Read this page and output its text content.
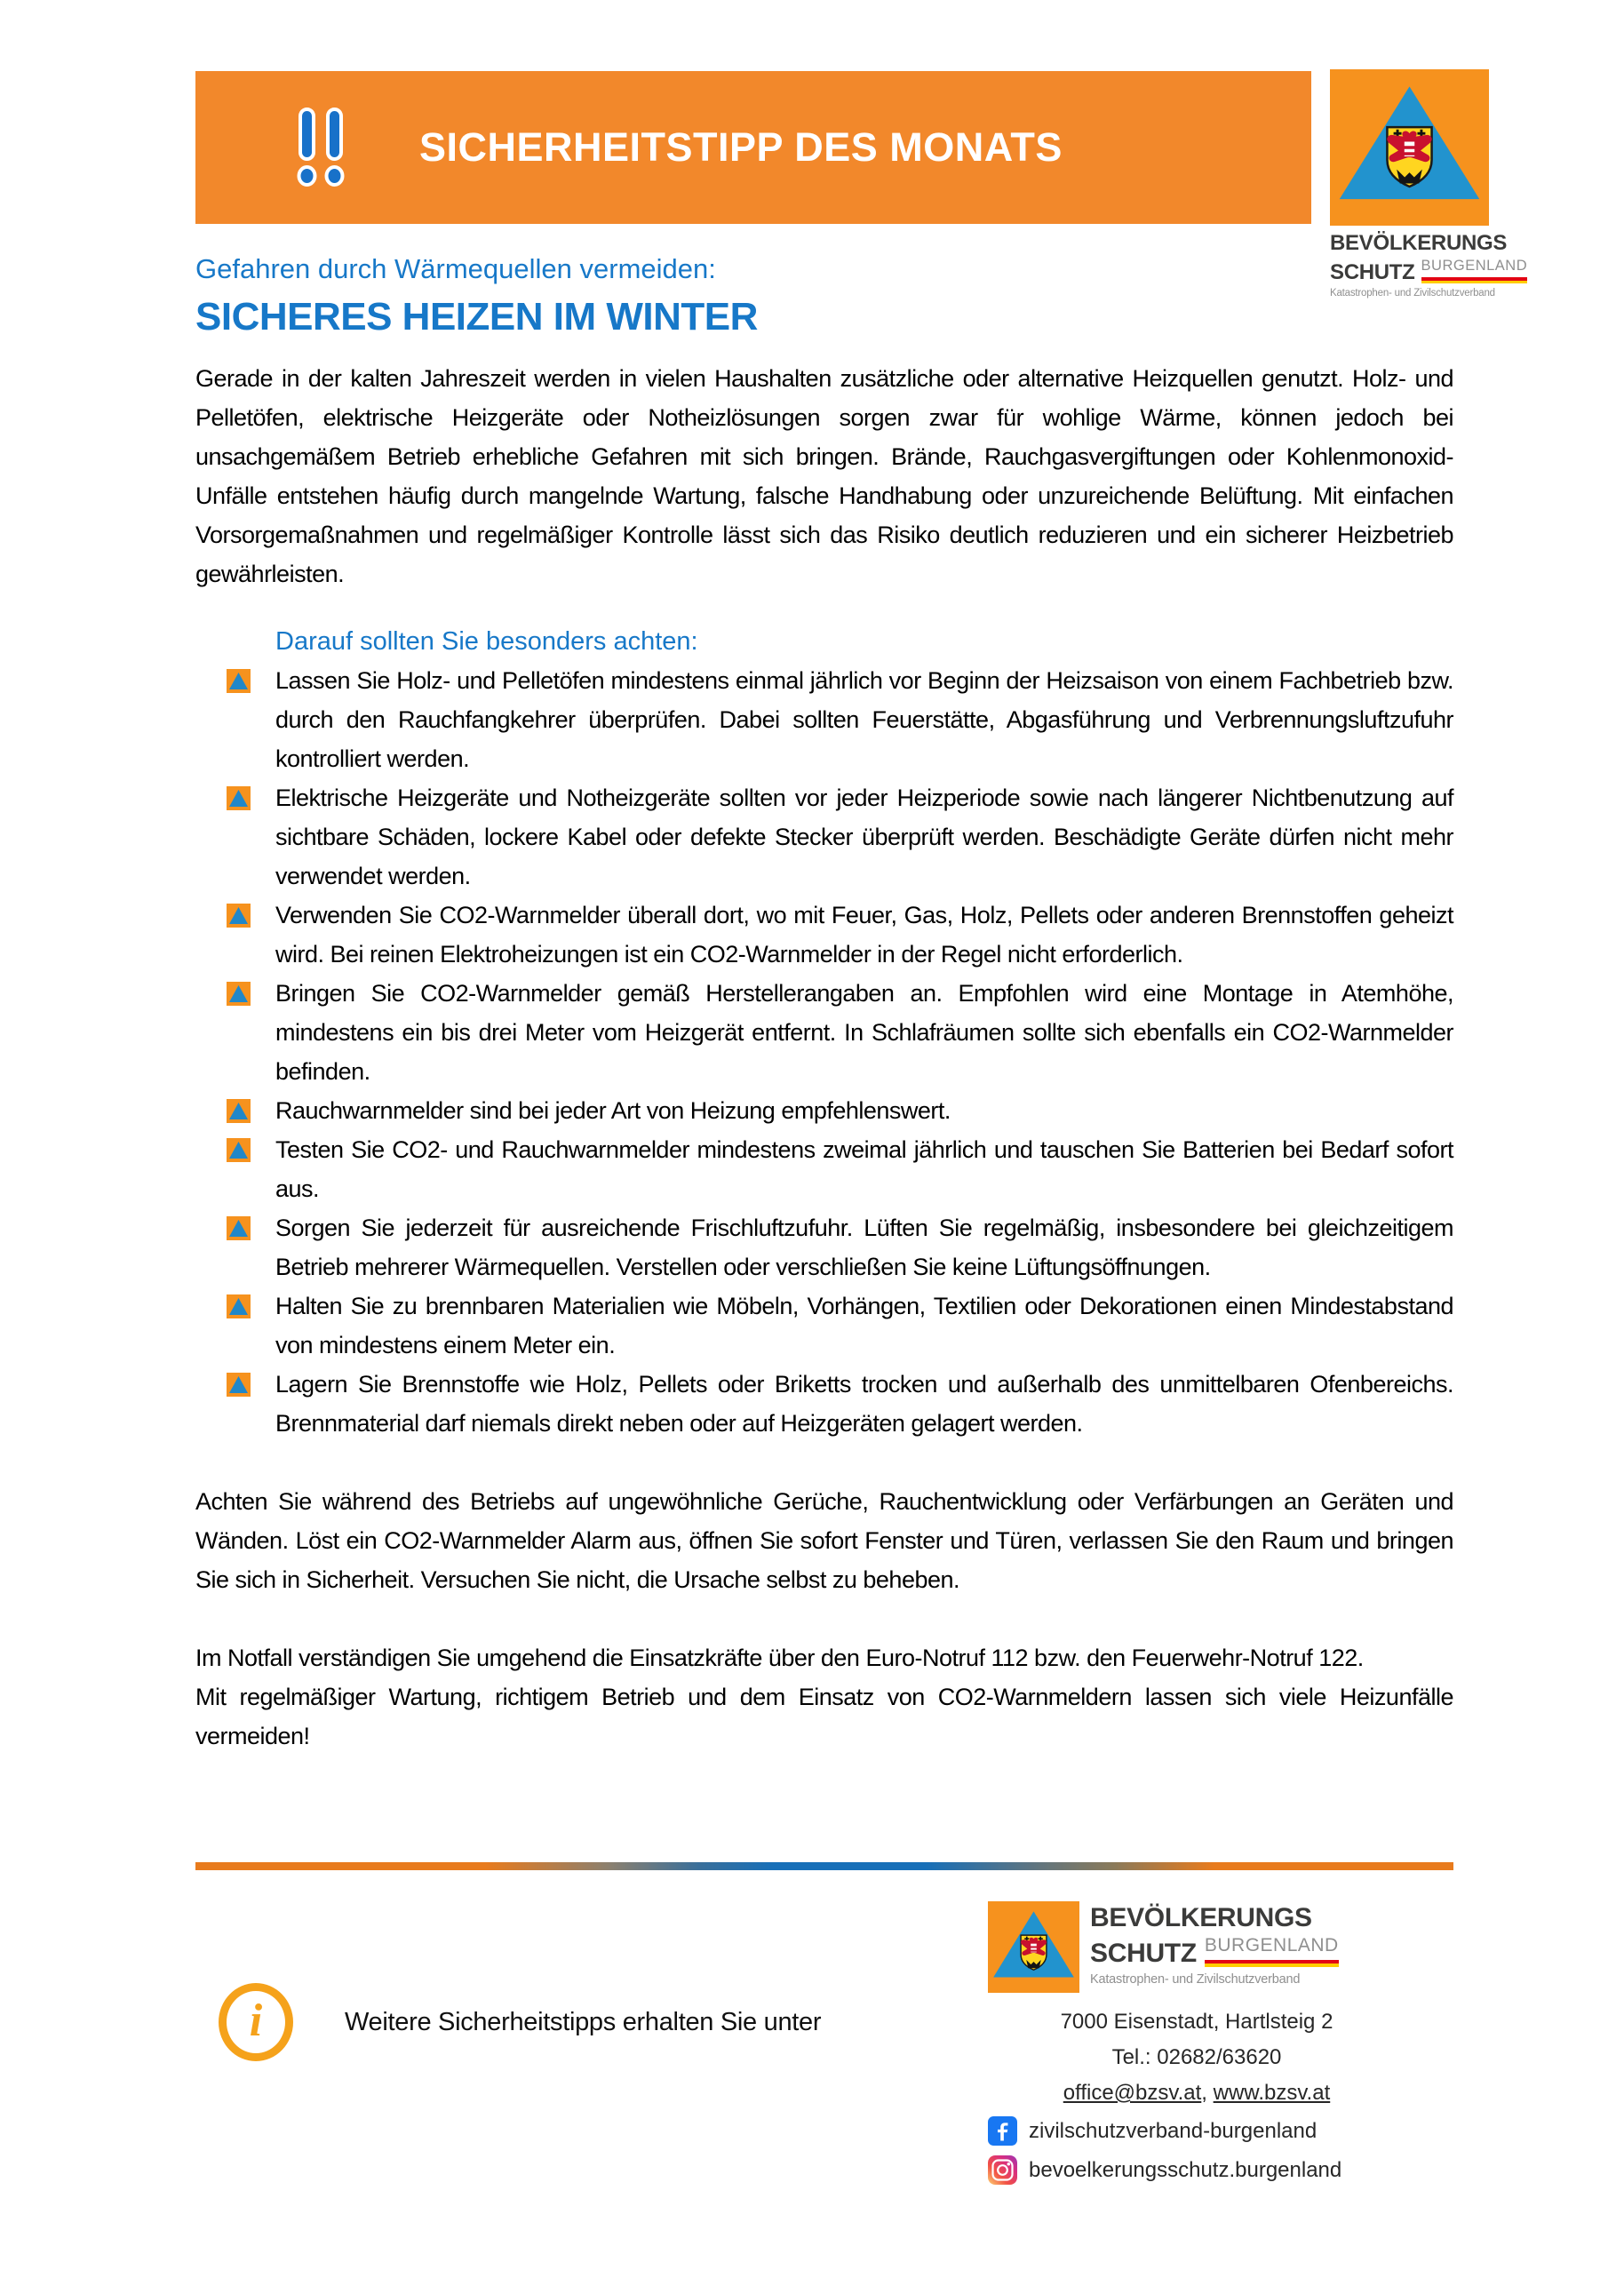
SICHERHEITSTIPP DES MONATS
BEVÖLKERUNGS
SCHUTZ BURGENLAND
Katastrophen- und Zivilschutzverband
Gefahren durch Wärmequellen vermeiden:
SICHERES HEIZEN IM WINTER
Gerade in der kalten Jahreszeit werden in vielen Haushalten zusätzliche oder alternative Heizquellen genutzt. Holz- und Pelletöfen, elektrische Heizgeräte oder Notheizlösungen sorgen zwar für wohlige Wärme, können jedoch bei unsachgemäßem Betrieb erhebliche Gefahren mit sich bringen. Brände, Rauchgasvergiftungen oder Kohlenmonoxid-Unfälle entstehen häufig durch mangelnde Wartung, falsche Handhabung oder unzureichende Belüftung. Mit einfachen Vorsorgemaßnahmen und regelmäßiger Kontrolle lässt sich das Risiko deutlich reduzieren und ein sicherer Heizbetrieb gewährleisten.
Darauf sollten Sie besonders achten:
Lassen Sie Holz- und Pelletöfen mindestens einmal jährlich vor Beginn der Heizsaison von einem Fachbetrieb bzw. durch den Rauchfangkehrer überprüfen. Dabei sollten Feuerstätte, Abgasführung und Verbrennungsluftzufuhr kontrolliert werden.
Elektrische Heizgeräte und Notheizgeräte sollten vor jeder Heizperiode sowie nach längerer Nichtbenutzung auf sichtbare Schäden, lockere Kabel oder defekte Stecker überprüft werden. Beschädigte Geräte dürfen nicht mehr verwendet werden.
Verwenden Sie CO2-Warnmelder überall dort, wo mit Feuer, Gas, Holz, Pellets oder anderen Brennstoffen geheizt wird. Bei reinen Elektroheizungen ist ein CO2-Warnmelder in der Regel nicht erforderlich.
Bringen Sie CO2-Warnmelder gemäß Herstellerangaben an. Empfohlen wird eine Montage in Atemhöhe, mindestens ein bis drei Meter vom Heizgerät entfernt. In Schlafräumen sollte sich ebenfalls ein CO2-Warnmelder befinden.
Rauchwarnmelder sind bei jeder Art von Heizung empfehlenswert.
Testen Sie CO2- und Rauchwarnmelder mindestens zweimal jährlich und tauschen Sie Batterien bei Bedarf sofort aus.
Sorgen Sie jederzeit für ausreichende Frischluftzufuhr. Lüften Sie regelmäßig, insbesondere bei gleichzeitigem Betrieb mehrerer Wärmequellen. Verstellen oder verschließen Sie keine Lüftungsöffnungen.
Halten Sie zu brennbaren Materialien wie Möbeln, Vorhängen, Textilien oder Dekorationen einen Mindestabstand von mindestens einem Meter ein.
Lagern Sie Brennstoffe wie Holz, Pellets oder Briketts trocken und außerhalb des unmittelbaren Ofenbereichs. Brennmaterial darf niemals direkt neben oder auf Heizgeräten gelagert werden.
Achten Sie während des Betriebs auf ungewöhnliche Gerüche, Rauchentwicklung oder Verfärbungen an Geräten und Wänden. Löst ein CO2-Warnmelder Alarm aus, öffnen Sie sofort Fenster und Türen, verlassen Sie den Raum und bringen Sie sich in Sicherheit. Versuchen Sie nicht, die Ursache selbst zu beheben.
Im Notfall verständigen Sie umgehend die Einsatzkräfte über den Euro-Notruf 112 bzw. den Feuerwehr-Notruf 122.
Mit regelmäßiger Wartung, richtigem Betrieb und dem Einsatz von CO2-Warnmeldern lassen sich viele Heizunfälle vermeiden!
i	Weitere Sicherheitstipps erhalten Sie unter
BEVÖLKERUNGS
SCHUTZ BURGENLAND
Katastrophen- und Zivilschutzverband
7000 Eisenstadt, Hartlsteig 2
Tel.: 02682/63620
office@bzsv.at, www.bzsv.at
zivilschutzverband-burgenland
bevoelkerungsschutz.burgenland
